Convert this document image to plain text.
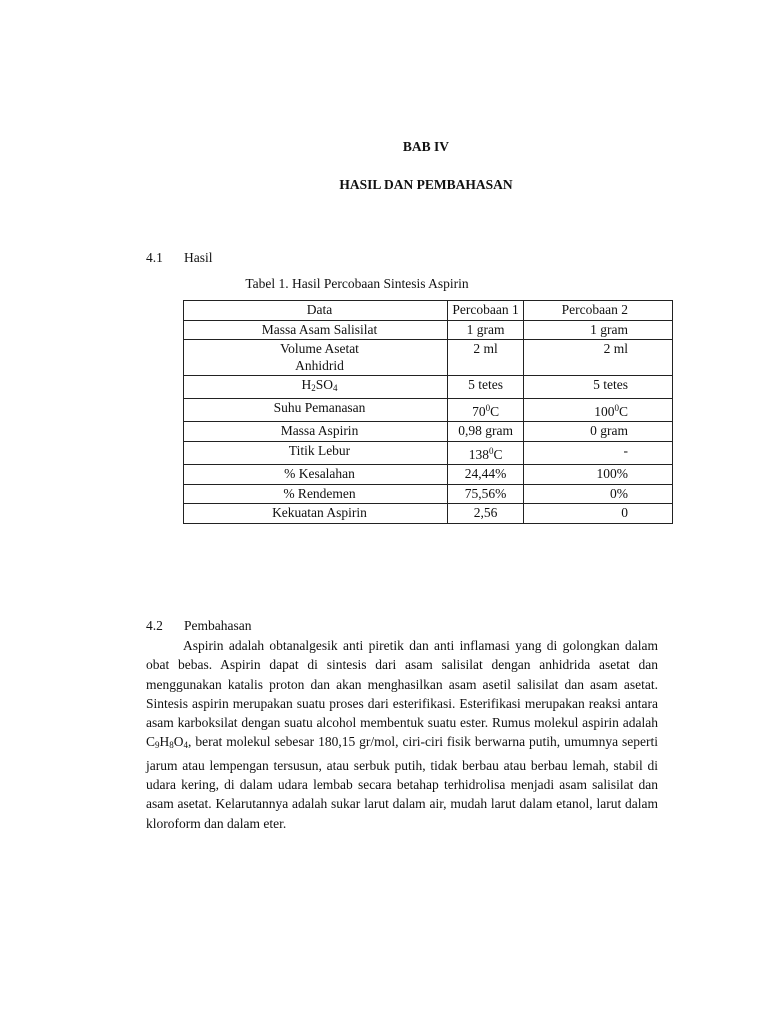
BAB IV
HASIL DAN PEMBAHASAN
4.1 Hasil
Tabel 1. Hasil Percobaan Sintesis Aspirin
Data	Percobaan 1	Percobaan 2
Massa Asam Salisilat	1 gram	1 gram
Volume Asetat Anhidrid	2 ml	2 ml
$H_2SO_4$	5 tetes	5 tetes
Suhu Pemanasan	$70^0C$	$100^0C$
Massa Aspirin	0,98 gram	0 gram
Titik Lebur	$138^0C$	-
% Kesalahan	24,44%	100%
% Rendemen	75,56%	0%
Kekuatan Aspirin	2,56	0
4.2 Pembahasan

Aspirin adalah obtanalgesik anti piretik dan anti inflamasi yang di golongkan dalam obat bebas. Aspirin dapat di sintesis dari asam salisilat dengan anhidrida asetat dan menggunakan katalis proton dan akan menghasilkan asam asetil salisilat dan asam asetat. Sintesis aspirin merupakan suatu proses dari esterifikasi. Esterifikasi merupakan reaksi antara asam karboksilat dengan suatu alcohol membentuk suatu ester. Rumus molekul aspirin adalah $C_9H_8O_4$, berat molekul sebesar 180,15 gr/mol, ciri-ciri fisik berwarna putih, umumnya seperti jarum atau lempengan tersusun, atau serbuk putih, tidak berbau atau berbau lemah, stabil di udara kering, di dalam udara lembab secara betahap terhidrolisa menjadi asam salisilat dan asam asetat. Kelarutannya adalah sukar larut dalam air, mudah larut dalam etanol, larut dalam kloroform dan dalam eter.
